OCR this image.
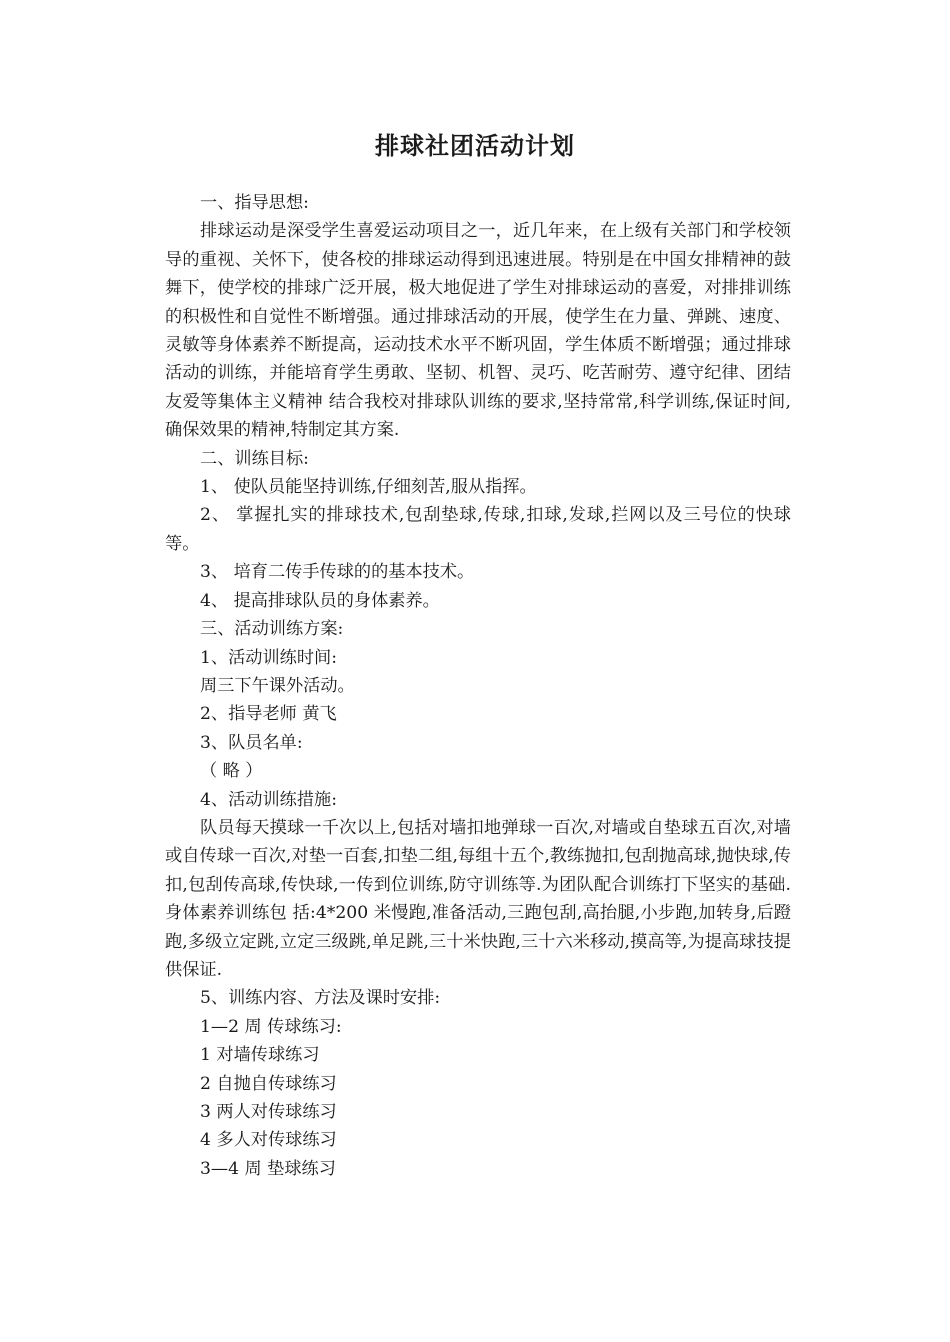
排球社团活动计划

一、指导思想:

排球运动是深受学生喜爱运动项目之一，近几年来，在上级有关部门和学校领导的重视、关怀下，使各校的排球运动得到迅速进展。特别是在中国女排精神的鼓舞下，使学校的排球广泛开展，极大地促进了学生对排球运动的喜爱，对排排训练的积极性和自觉性不断增强。通过排球活动的开展，使学生在力量、弹跳、速度、灵敏等身体素养不断提高，运动技术水平不断巩固，学生体质不断增强；通过排球活动的训练，并能培育学生勇敢、坚韧、机智、灵巧、吃苦耐劳、遵守纪律、团结友爱等集体主义精神 结合我校对排球队训练的要求,坚持常常,科学训练,保证时间,确保效果的精神,特制定其方案.

二、训练目标:

1、 使队员能坚持训练,仔细刻苦,服从指挥。

2、 掌握扎实的排球技术,包刮垫球,传球,扣球,发球,拦网以及三号位的快球等。

3、 培育二传手传球的的基本技术。

4、 提高排球队员的身体素养。

三、活动训练方案:

1、活动训练时间:

周三下午课外活动。

2、指导老师 黄飞

3、队员名单:

（ 略 ）

4、活动训练措施:

队员每天摸球一千次以上,包括对墙扣地弹球一百次,对墙或自垫球五百次,对墙或自传球一百次,对垫一百套,扣垫二组,每组十五个,教练抛扣,包刮抛高球,抛快球,传扣,包刮传高球,传快球,一传到位训练,防守训练等.为团队配合训练打下坚实的基础.身体素养训练包 括:4*200 米慢跑,准备活动,三跑包刮,高抬腿,小步跑,加转身,后蹬跑,多级立定跳,立定三级跳,单足跳,三十米快跑,三十六米移动,摸高等,为提高球技提供保证.

5、训练内容、方法及课时安排:

1—2 周 传球练习:

1 对墙传球练习

2 自抛自传球练习

3 两人对传球练习

4 多人对传球练习

3—4 周 垫球练习
